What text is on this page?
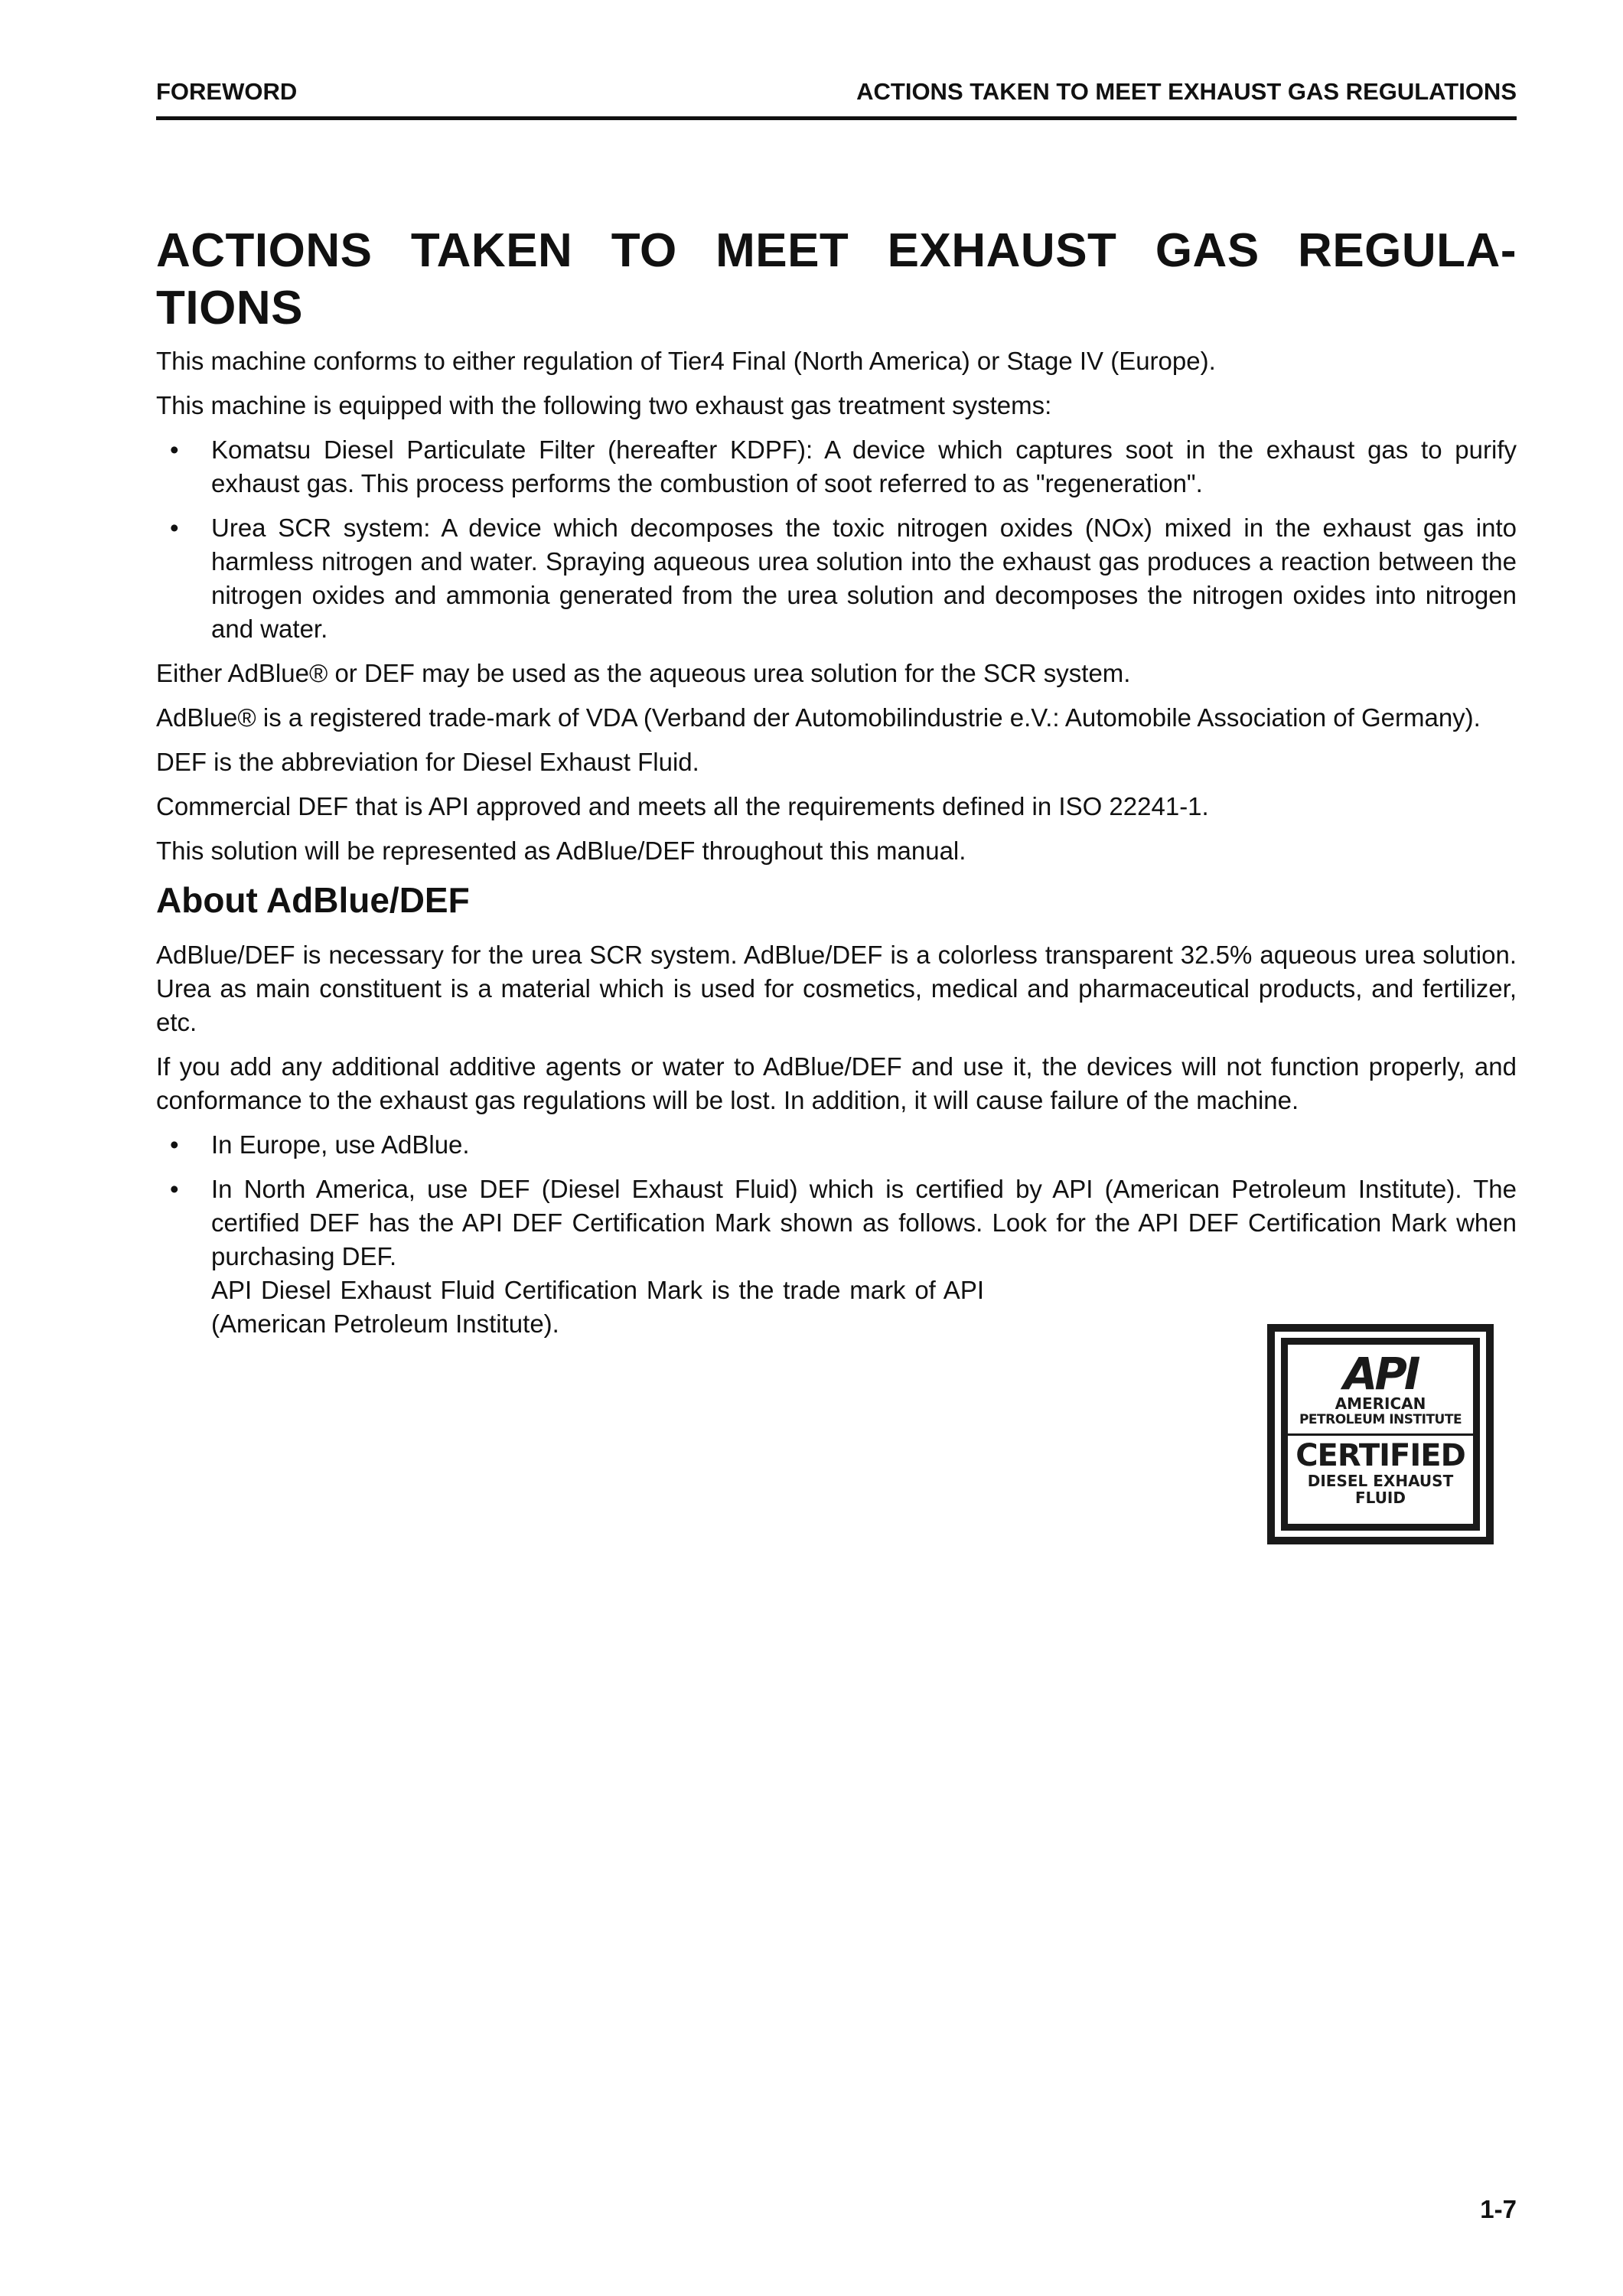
FOREWORD	ACTIONS TAKEN TO MEET EXHAUST GAS REGULATIONS
ACTIONS TAKEN TO MEET EXHAUST GAS REGULA-
TIONS

This machine conforms to either regulation of Tier4 Final (North America) or Stage IV (Europe).

This machine is equipped with the following two exhaust gas treatment systems:

•	Komatsu Diesel Particulate Filter (hereafter KDPF): A device which captures soot in the exhaust gas to purify exhaust gas. This process performs the combustion of soot referred to as "regeneration".
•	Urea SCR system: A device which decomposes the toxic nitrogen oxides (NOx) mixed in the exhaust gas into harmless nitrogen and water. Spraying aqueous urea solution into the exhaust gas produces a reaction between the nitrogen oxides and ammonia generated from the urea solution and decomposes the nitrogen oxides into nitrogen and water.

Either AdBlue® or DEF may be used as the aqueous urea solution for the SCR system.

AdBlue® is a registered trade-mark of VDA (Verband der Automobilindustrie e.V.: Automobile Association of Germany).

DEF is the abbreviation for Diesel Exhaust Fluid.

Commercial DEF that is API approved and meets all the requirements defined in ISO 22241-1.

This solution will be represented as AdBlue/DEF throughout this manual.

About AdBlue/DEF

AdBlue/DEF is necessary for the urea SCR system. AdBlue/DEF is a colorless transparent 32.5% aqueous urea solution. Urea as main constituent is a material which is used for cosmetics, medical and pharmaceutical products, and fertilizer, etc.

If you add any additional additive agents or water to AdBlue/DEF and use it, the devices will not function properly, and conformance to the exhaust gas regulations will be lost. In addition, it will cause failure of the machine.

•	In Europe, use AdBlue.
•	In North America, use DEF (Diesel Exhaust Fluid) which is certified by API (American Petroleum Institute). The certified DEF has the API DEF Certification Mark shown as follows. Look for the API DEF Certification Mark when purchasing DEF.
API Diesel Exhaust Fluid Certification Mark is the trade mark of API (American Petroleum Institute).
1-7
API
AMERICAN
PETROLEUM INSTITUTE
CERTIFIED
DIESEL EXHAUST
FLUID
